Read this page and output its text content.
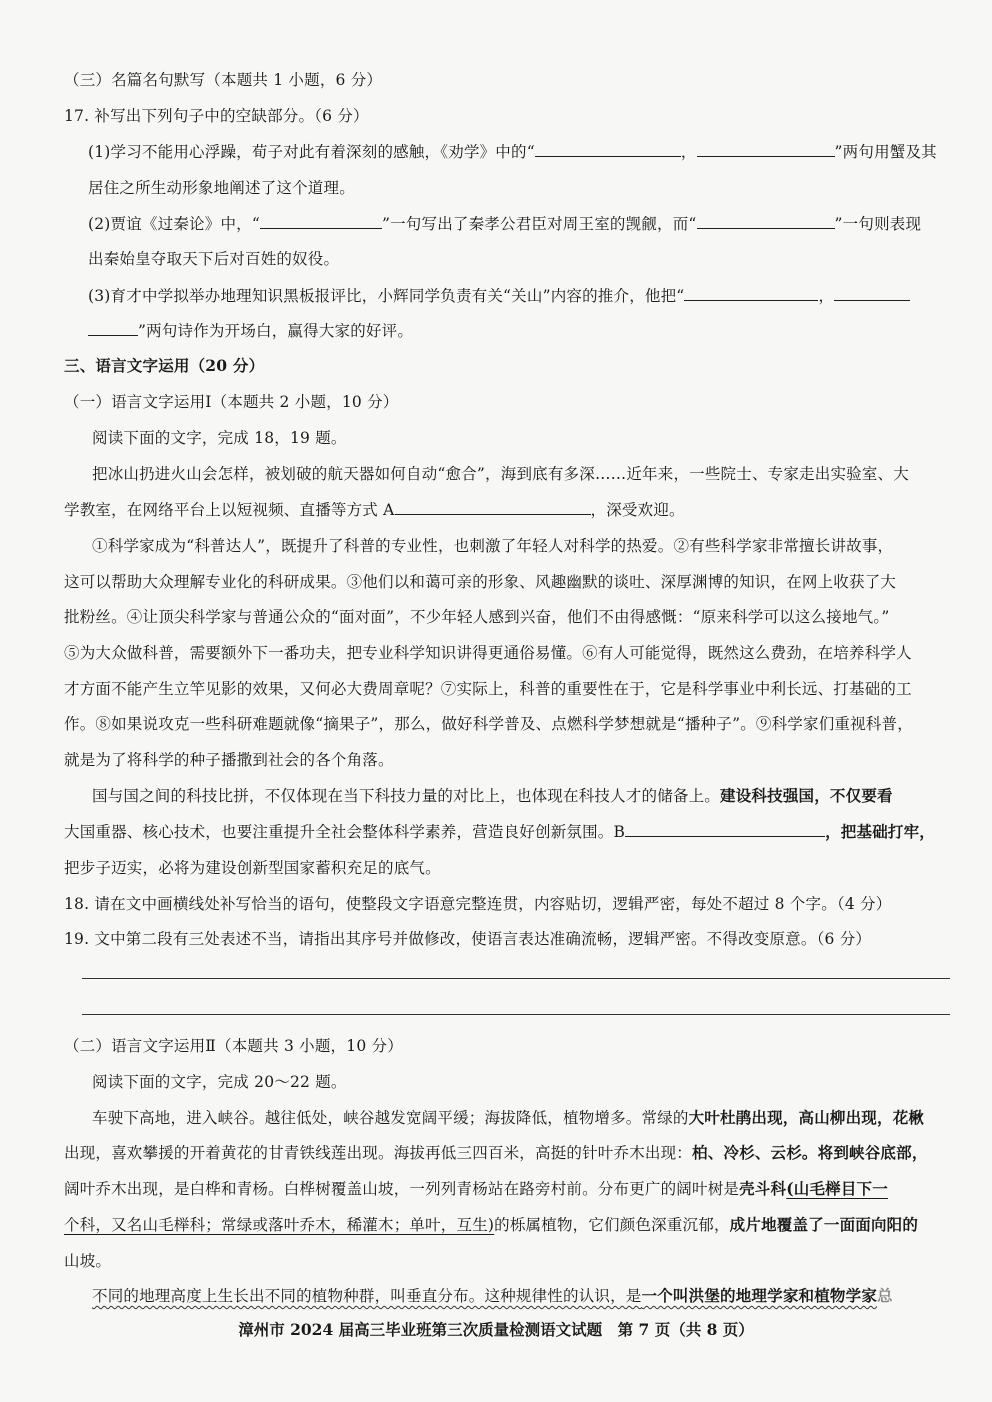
（三）名篇名句默写（本题共 1 小题，6 分）
17. 补写出下列句子中的空缺部分。（6 分）
(1)学习不能用心浮躁，荀子对此有着深刻的感触，《劝学》中的“	，	”两句用蟹及其
居住之所生动形象地阐述了这个道理。
(2)贾谊《过秦论》中，“	”一句写出了秦孝公君臣对周王室的觊觎，而“	”一句则表现
出秦始皇夺取天下后对百姓的奴役。
(3)育才中学拟举办地理知识黑板报评比，小辉同学负责有关“关山”内容的推介，他把“	，
”两句诗作为开场白，赢得大家的好评。
三、语言文字运用（20 分）
（一）语言文字运用Ⅰ（本题共 2 小题，10 分）
阅读下面的文字，完成 18，19 题。
把冰山扔进火山会怎样，被划破的航天器如何自动“愈合”，海到底有多深……近年来，一些院士、专家走出实验室、大
学教室，在网络平台上以短视频、直播等方式 A	，深受欢迎。
①科学家成为“科普达人”，既提升了科普的专业性，也刺激了年轻人对科学的热爱。②有些科学家非常擅长讲故事，
这可以帮助大众理解专业化的科研成果。③他们以和蔼可亲的形象、风趣幽默的谈吐、深厚渊博的知识，在网上收获了大
批粉丝。④让顶尖科学家与普通公众的“面对面”，不少年轻人感到兴奋，他们不由得感慨：“原来科学可以这么接地气。”
⑤为大众做科普，需要额外下一番功夫，把专业科学知识讲得更通俗易懂。⑥有人可能觉得，既然这么费劲，在培养科学人
才方面不能产生立竿见影的效果，又何必大费周章呢？⑦实际上，科普的重要性在于，它是科学事业中利长远、打基础的工
作。⑧如果说攻克一些科研难题就像“摘果子”，那么，做好科学普及、点燃科学梦想就是“播种子”。⑨科学家们重视科普，
就是为了将科学的种子播撒到社会的各个角落。
国与国之间的科技比拼，不仅体现在当下科技力量的对比上，也体现在科技人才的储备上。建设科技强国，不仅要看
大国重器、核心技术，也要注重提升全社会整体科学素养，营造良好创新氛围。B	，把基础打牢，
把步子迈实，必将为建设创新型国家蓄积充足的底气。
18. 请在文中画横线处补写恰当的语句，使整段文字语意完整连贯，内容贴切，逻辑严密，每处不超过 8 个字。（4 分）
19. 文中第二段有三处表述不当，请指出其序号并做修改，使语言表达准确流畅，逻辑严密。不得改变原意。（6 分）
（二）语言文字运用Ⅱ（本题共 3 小题，10 分）
阅读下面的文字，完成 20～22 题。
车驶下高地，进入峡谷。越往低处，峡谷越发宽阔平缓；海拔降低，植物增多。常绿的大叶杜鹃出现，高山柳出现，花楸
出现，喜欢攀援的开着黄花的甘青铁线莲出现。海拔再低三四百米，高挺的针叶乔木出现：柏、冷杉、云杉。将到峡谷底部，
阔叶乔木出现，是白桦和青杨。白桦树覆盖山坡，一列列青杨站在路旁村前。分布更广的阔叶树是壳斗科(山毛榉目下一
个科，又名山毛榉科；常绿或落叶乔木，稀灌木；单叶，互生)的栎属植物，它们颜色深重沉郁，成片地覆盖了一面面向阳的
山坡。
不同的地理高度上生长出不同的植物种群，叫垂直分布。这种规律性的认识，是一个叫洪堡的地理学家和植物学家总
漳州市 2024 届高三毕业班第三次质量检测语文试题　第 7 页（共 8 页）
